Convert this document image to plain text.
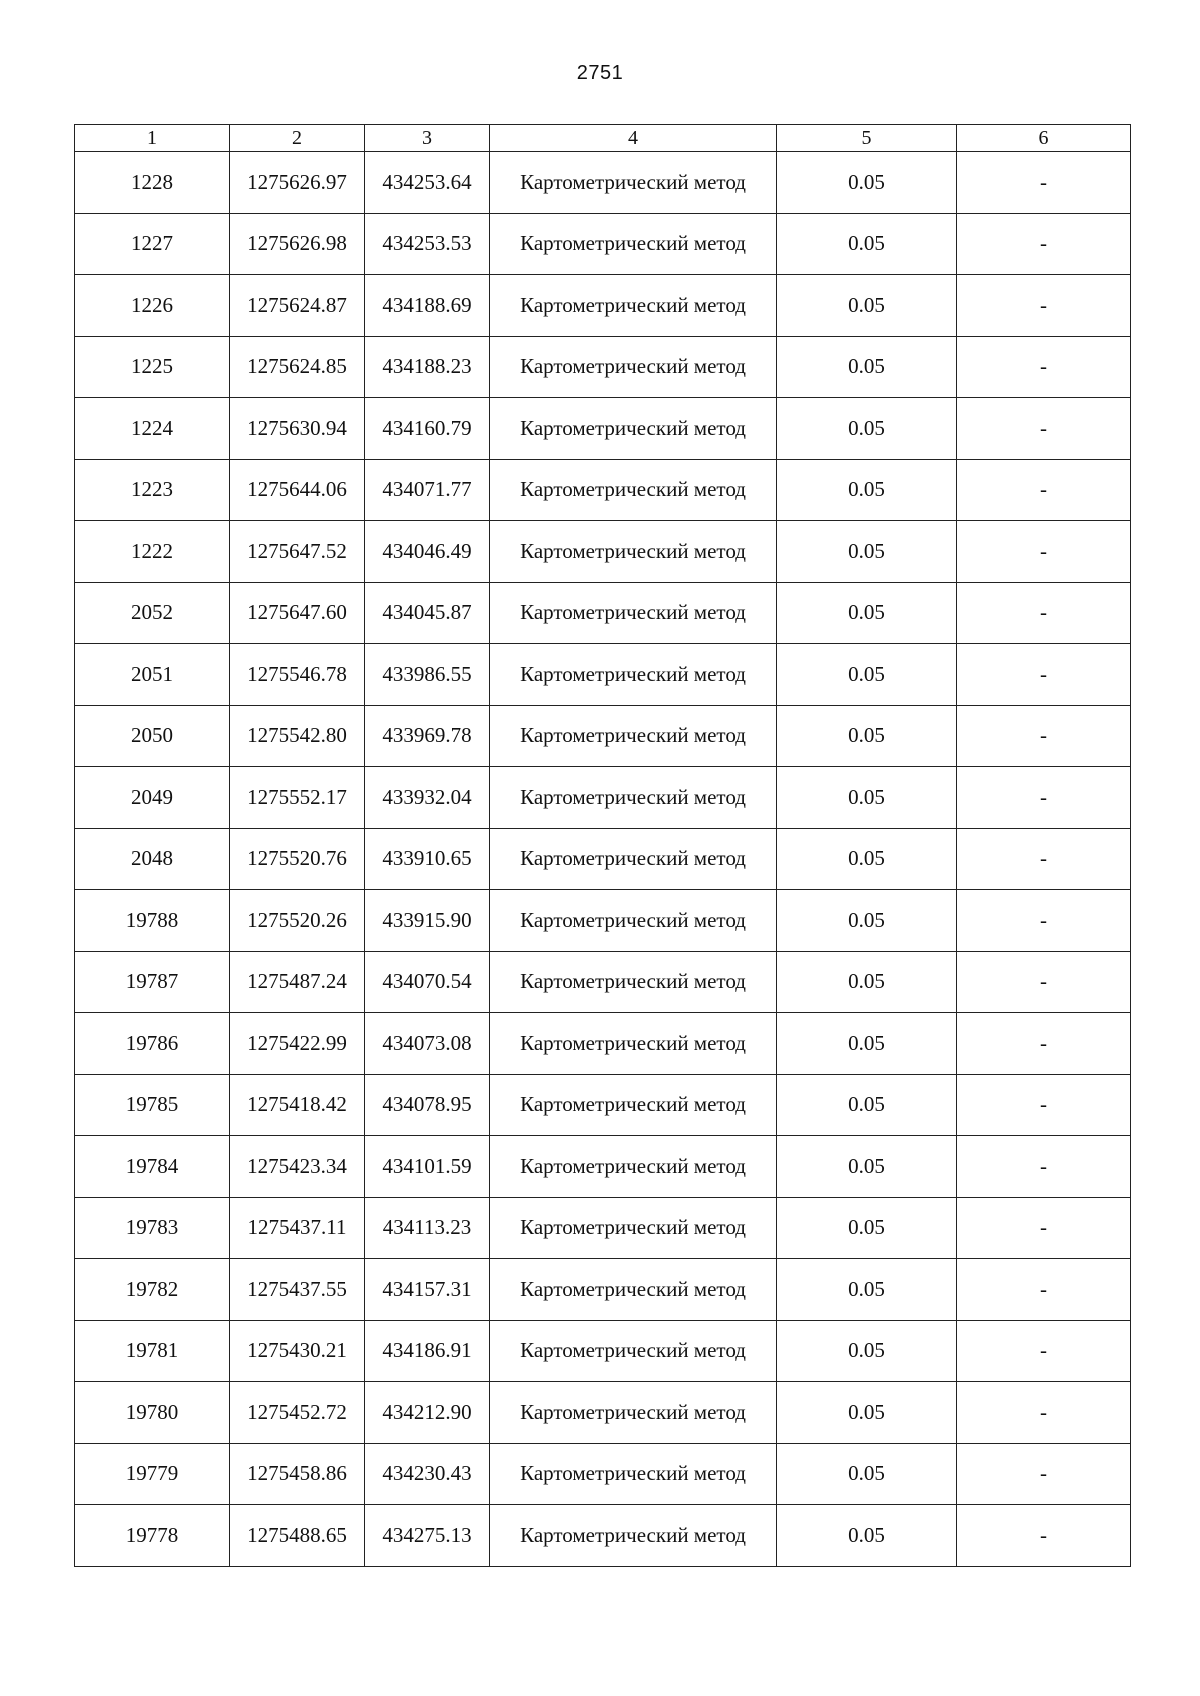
2751
1	2	3	4	5	6
1228	1275626.97	434253.64	Картометрический метод	0.05	-
1227	1275626.98	434253.53	Картометрический метод	0.05	-
1226	1275624.87	434188.69	Картометрический метод	0.05	-
1225	1275624.85	434188.23	Картометрический метод	0.05	-
1224	1275630.94	434160.79	Картометрический метод	0.05	-
1223	1275644.06	434071.77	Картометрический метод	0.05	-
1222	1275647.52	434046.49	Картометрический метод	0.05	-
2052	1275647.60	434045.87	Картометрический метод	0.05	-
2051	1275546.78	433986.55	Картометрический метод	0.05	-
2050	1275542.80	433969.78	Картометрический метод	0.05	-
2049	1275552.17	433932.04	Картометрический метод	0.05	-
2048	1275520.76	433910.65	Картометрический метод	0.05	-
19788	1275520.26	433915.90	Картометрический метод	0.05	-
19787	1275487.24	434070.54	Картометрический метод	0.05	-
19786	1275422.99	434073.08	Картометрический метод	0.05	-
19785	1275418.42	434078.95	Картометрический метод	0.05	-
19784	1275423.34	434101.59	Картометрический метод	0.05	-
19783	1275437.11	434113.23	Картометрический метод	0.05	-
19782	1275437.55	434157.31	Картометрический метод	0.05	-
19781	1275430.21	434186.91	Картометрический метод	0.05	-
19780	1275452.72	434212.90	Картометрический метод	0.05	-
19779	1275458.86	434230.43	Картометрический метод	0.05	-
19778	1275488.65	434275.13	Картометрический метод	0.05	-
